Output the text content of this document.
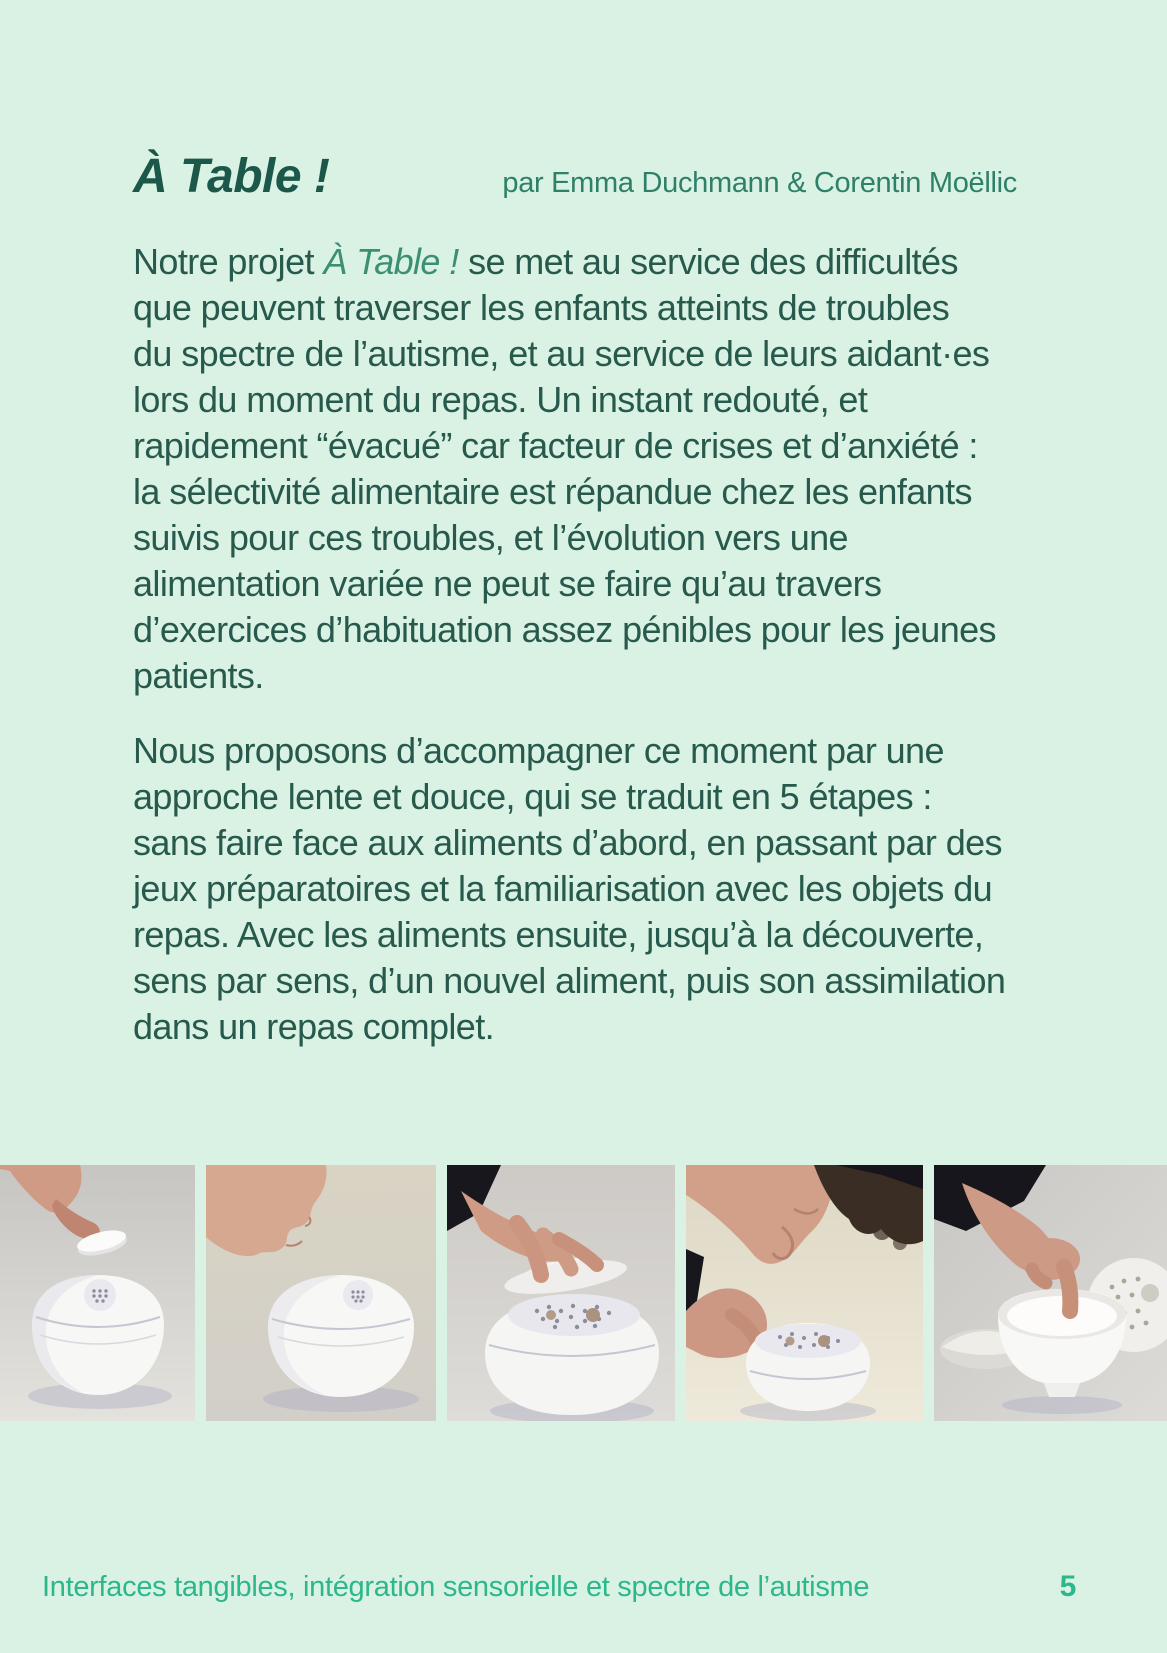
À Table !	par Emma Duchmann & Corentin Moëllic

Notre projet À Table ! se met au service des difficultés
que peuvent traverser les enfants atteints de troubles
du spectre de l’autisme, et au service de leurs aidant·es
lors du moment du repas. Un instant redouté, et
rapidement “évacué” car facteur de crises et d’anxiété :
la sélectivité alimentaire est répandue chez les enfants
suivis pour ces troubles, et l’évolution vers une
alimentation variée ne peut se faire qu’au travers
d’exercices d’habituation assez pénibles pour les jeunes
patients.

Nous proposons d’accompagner ce moment par une
approche lente et douce, qui se traduit en 5 étapes :
sans faire face aux aliments d’abord, en passant par des
jeux préparatoires et la familiarisation avec les objets du
repas. Avec les aliments ensuite, jusqu’à la découverte,
sens par sens, d’un nouvel aliment, puis son assimilation
dans un repas complet.

Interfaces tangibles, intégration sensorielle et spectre de l’autisme	5
